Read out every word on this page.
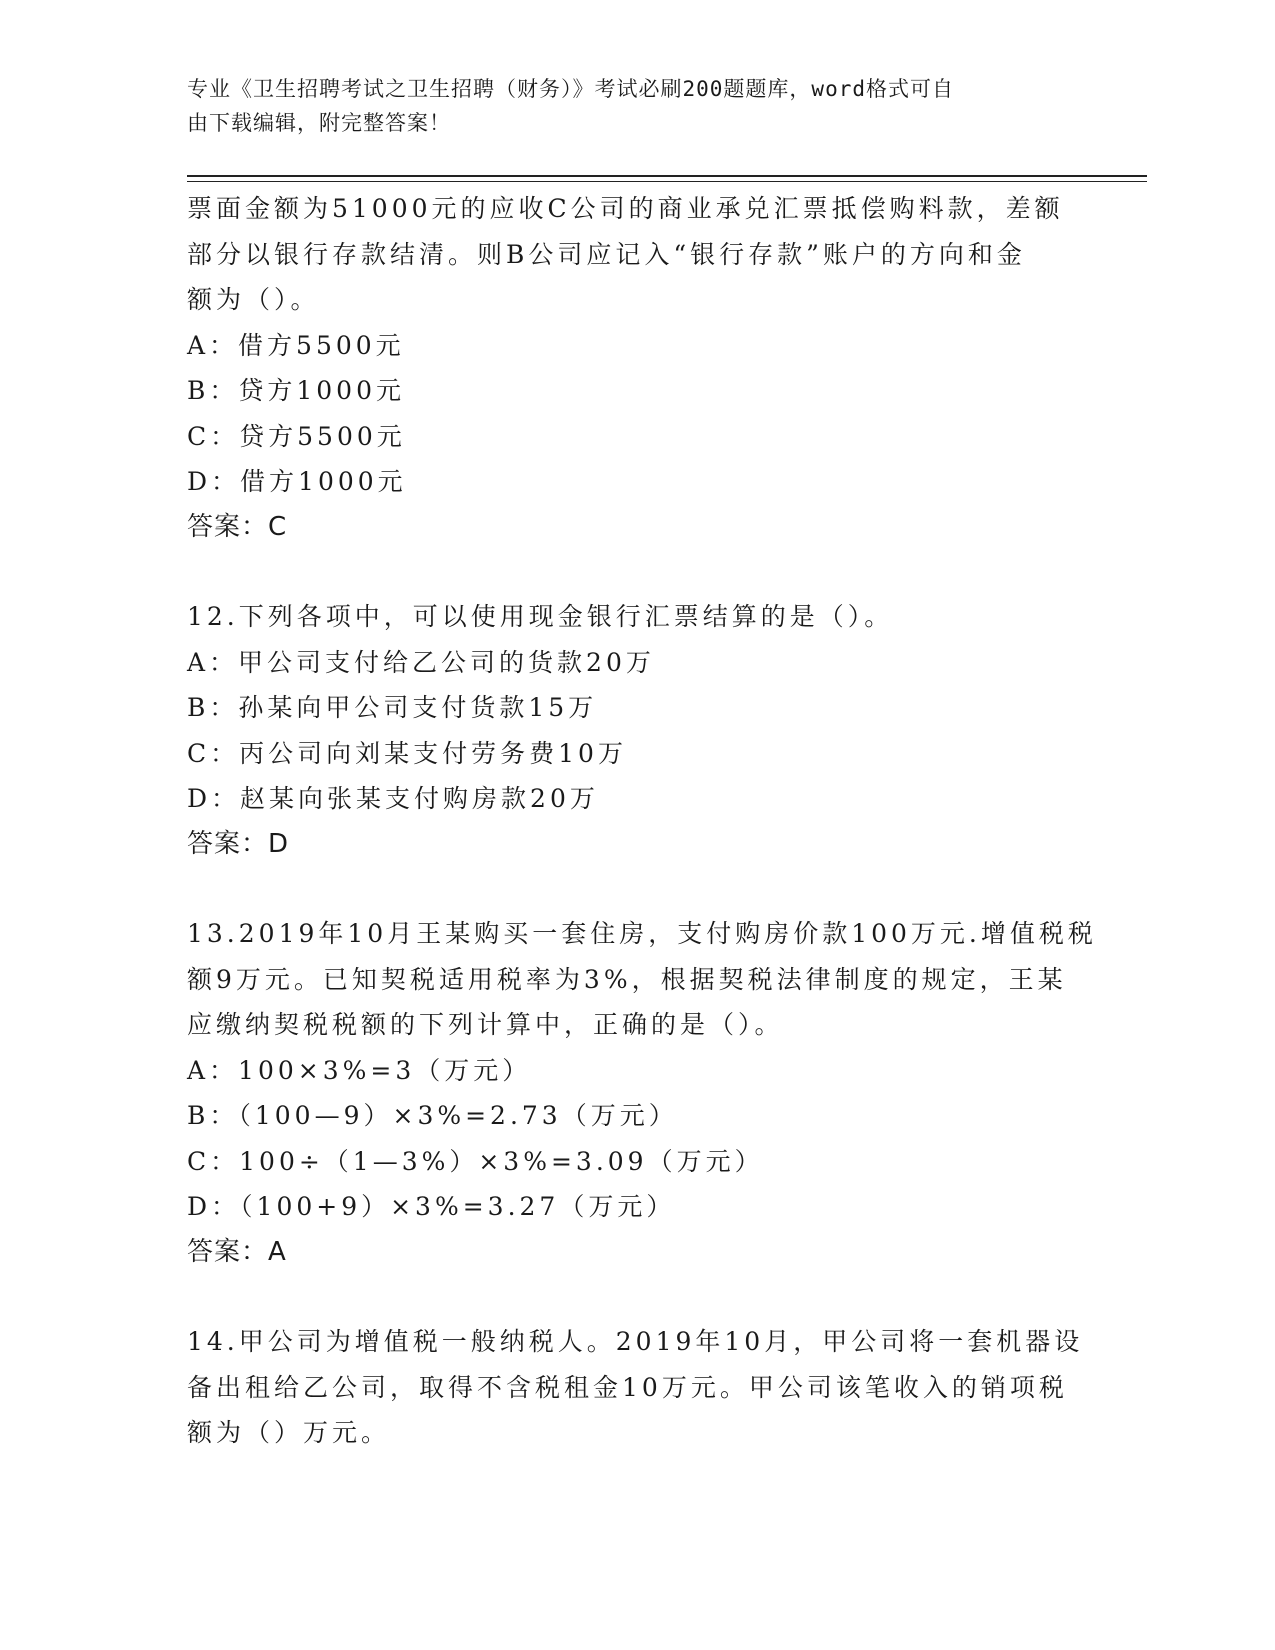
专业《卫生招聘考试之卫生招聘（财务）》考试必刷200题题库，word格式可自
由下载编辑，附完整答案！
票面金额为51000元的应收C公司的商业承兑汇票抵偿购料款，差额
部分以银行存款结清。则B公司应记入“银行存款”账户的方向和金
额为（）。
A：借方5500元
B：贷方1000元
C：贷方5500元
D：借方1000元
答案：C
12.下列各项中，可以使用现金银行汇票结算的是（）。
A：甲公司支付给乙公司的货款20万
B：孙某向甲公司支付货款15万
C：丙公司向刘某支付劳务费10万
D：赵某向张某支付购房款20万
答案：D
13.2019年10月王某购买一套住房，支付购房价款100万元.增值税税
额9万元。已知契税适用税率为3%，根据契税法律制度的规定，王某
应缴纳契税税额的下列计算中，正确的是（）。
A：100×3%=3（万元）
B：（100—9）×3%=2.73（万元）
C：100÷（1—3%）×3%=3.09（万元）
D：（100+9）×3%=3.27（万元）
答案：A
14.甲公司为增值税一般纳税人。2019年10月，甲公司将一套机器设
备出租给乙公司，取得不含税租金10万元。甲公司该笔收入的销项税
额为（）万元。
